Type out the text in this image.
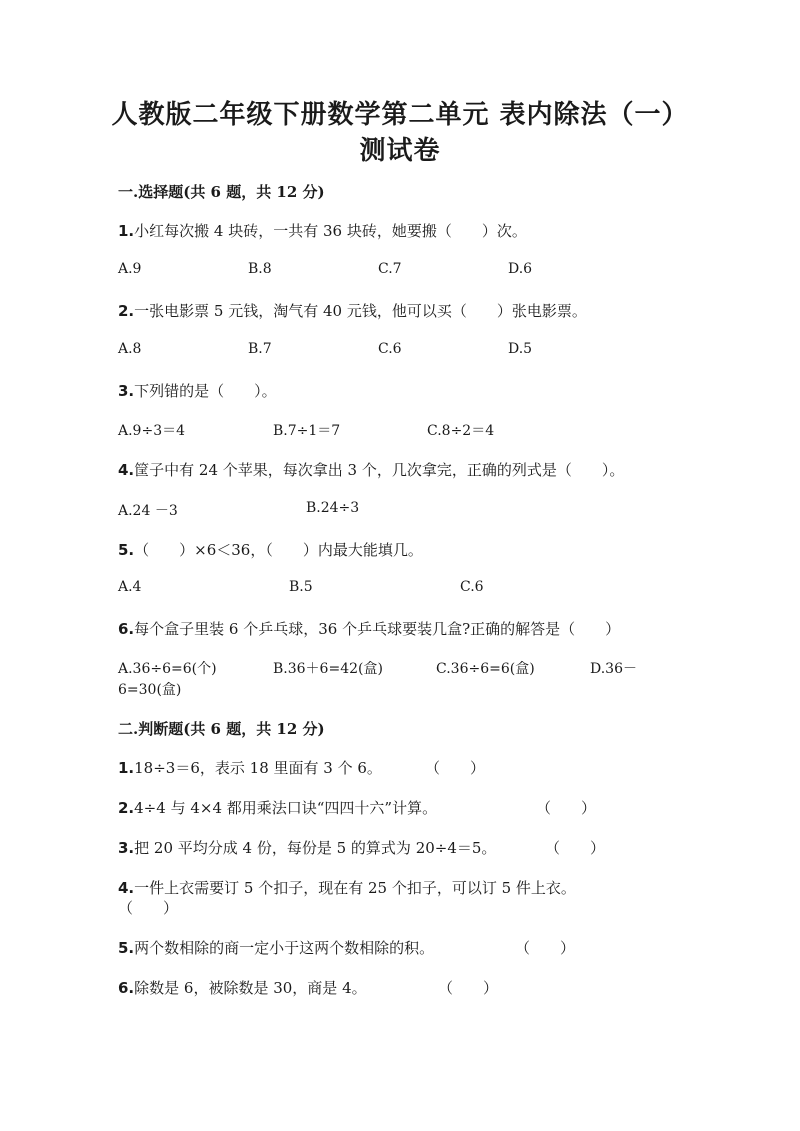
人教版二年级下册数学第二单元 表内除法（一）
测试卷
一.选择题(共 6 题，共 12 分)
1.小红每次搬 4 块砖，一共有 36 块砖，她要搬（　　）次。
A.9	B.8	C.7	D.6
2.一张电影票 5 元钱，淘气有 40 元钱，他可以买（　　）张电影票。
A.8	B.7	C.6	D.5
3.下列错的是（　　）。
A.9÷3＝4	B.7÷1＝7	C.8÷2＝4
4.筐子中有 24 个苹果，每次拿出 3 个，几次拿完，正确的列式是（　　）。
A.24 －3	B.24÷3
5.（　　）×6＜36，（　　）内最大能填几。
A.4	B.5	C.6
6.每个盒子里装 6 个乒乓球，36 个乒乓球要装几盒?正确的解答是（　　）
A.36÷6=6(个)	B.36＋6=42(盒)	C.36÷6=6(盒)	D.36－
6=30(盒)
二.判断题(共 6 题，共 12 分)
1.18÷3＝6，表示 18 里面有 3 个 6。	（　　）
2.4÷4 与 4×4 都用乘法口诀“四四十六”计算。	（　　）
3.把 20 平均分成 4 份，每份是 5 的算式为 20÷4＝5。	（　　）
4.一件上衣需要订 5 个扣子，现在有 25 个扣子，可以订 5 件上衣。
（　　）
5.两个数相除的商一定小于这两个数相除的积。	（　　）
6.除数是 6，被除数是 30，商是 4。	（　　）
